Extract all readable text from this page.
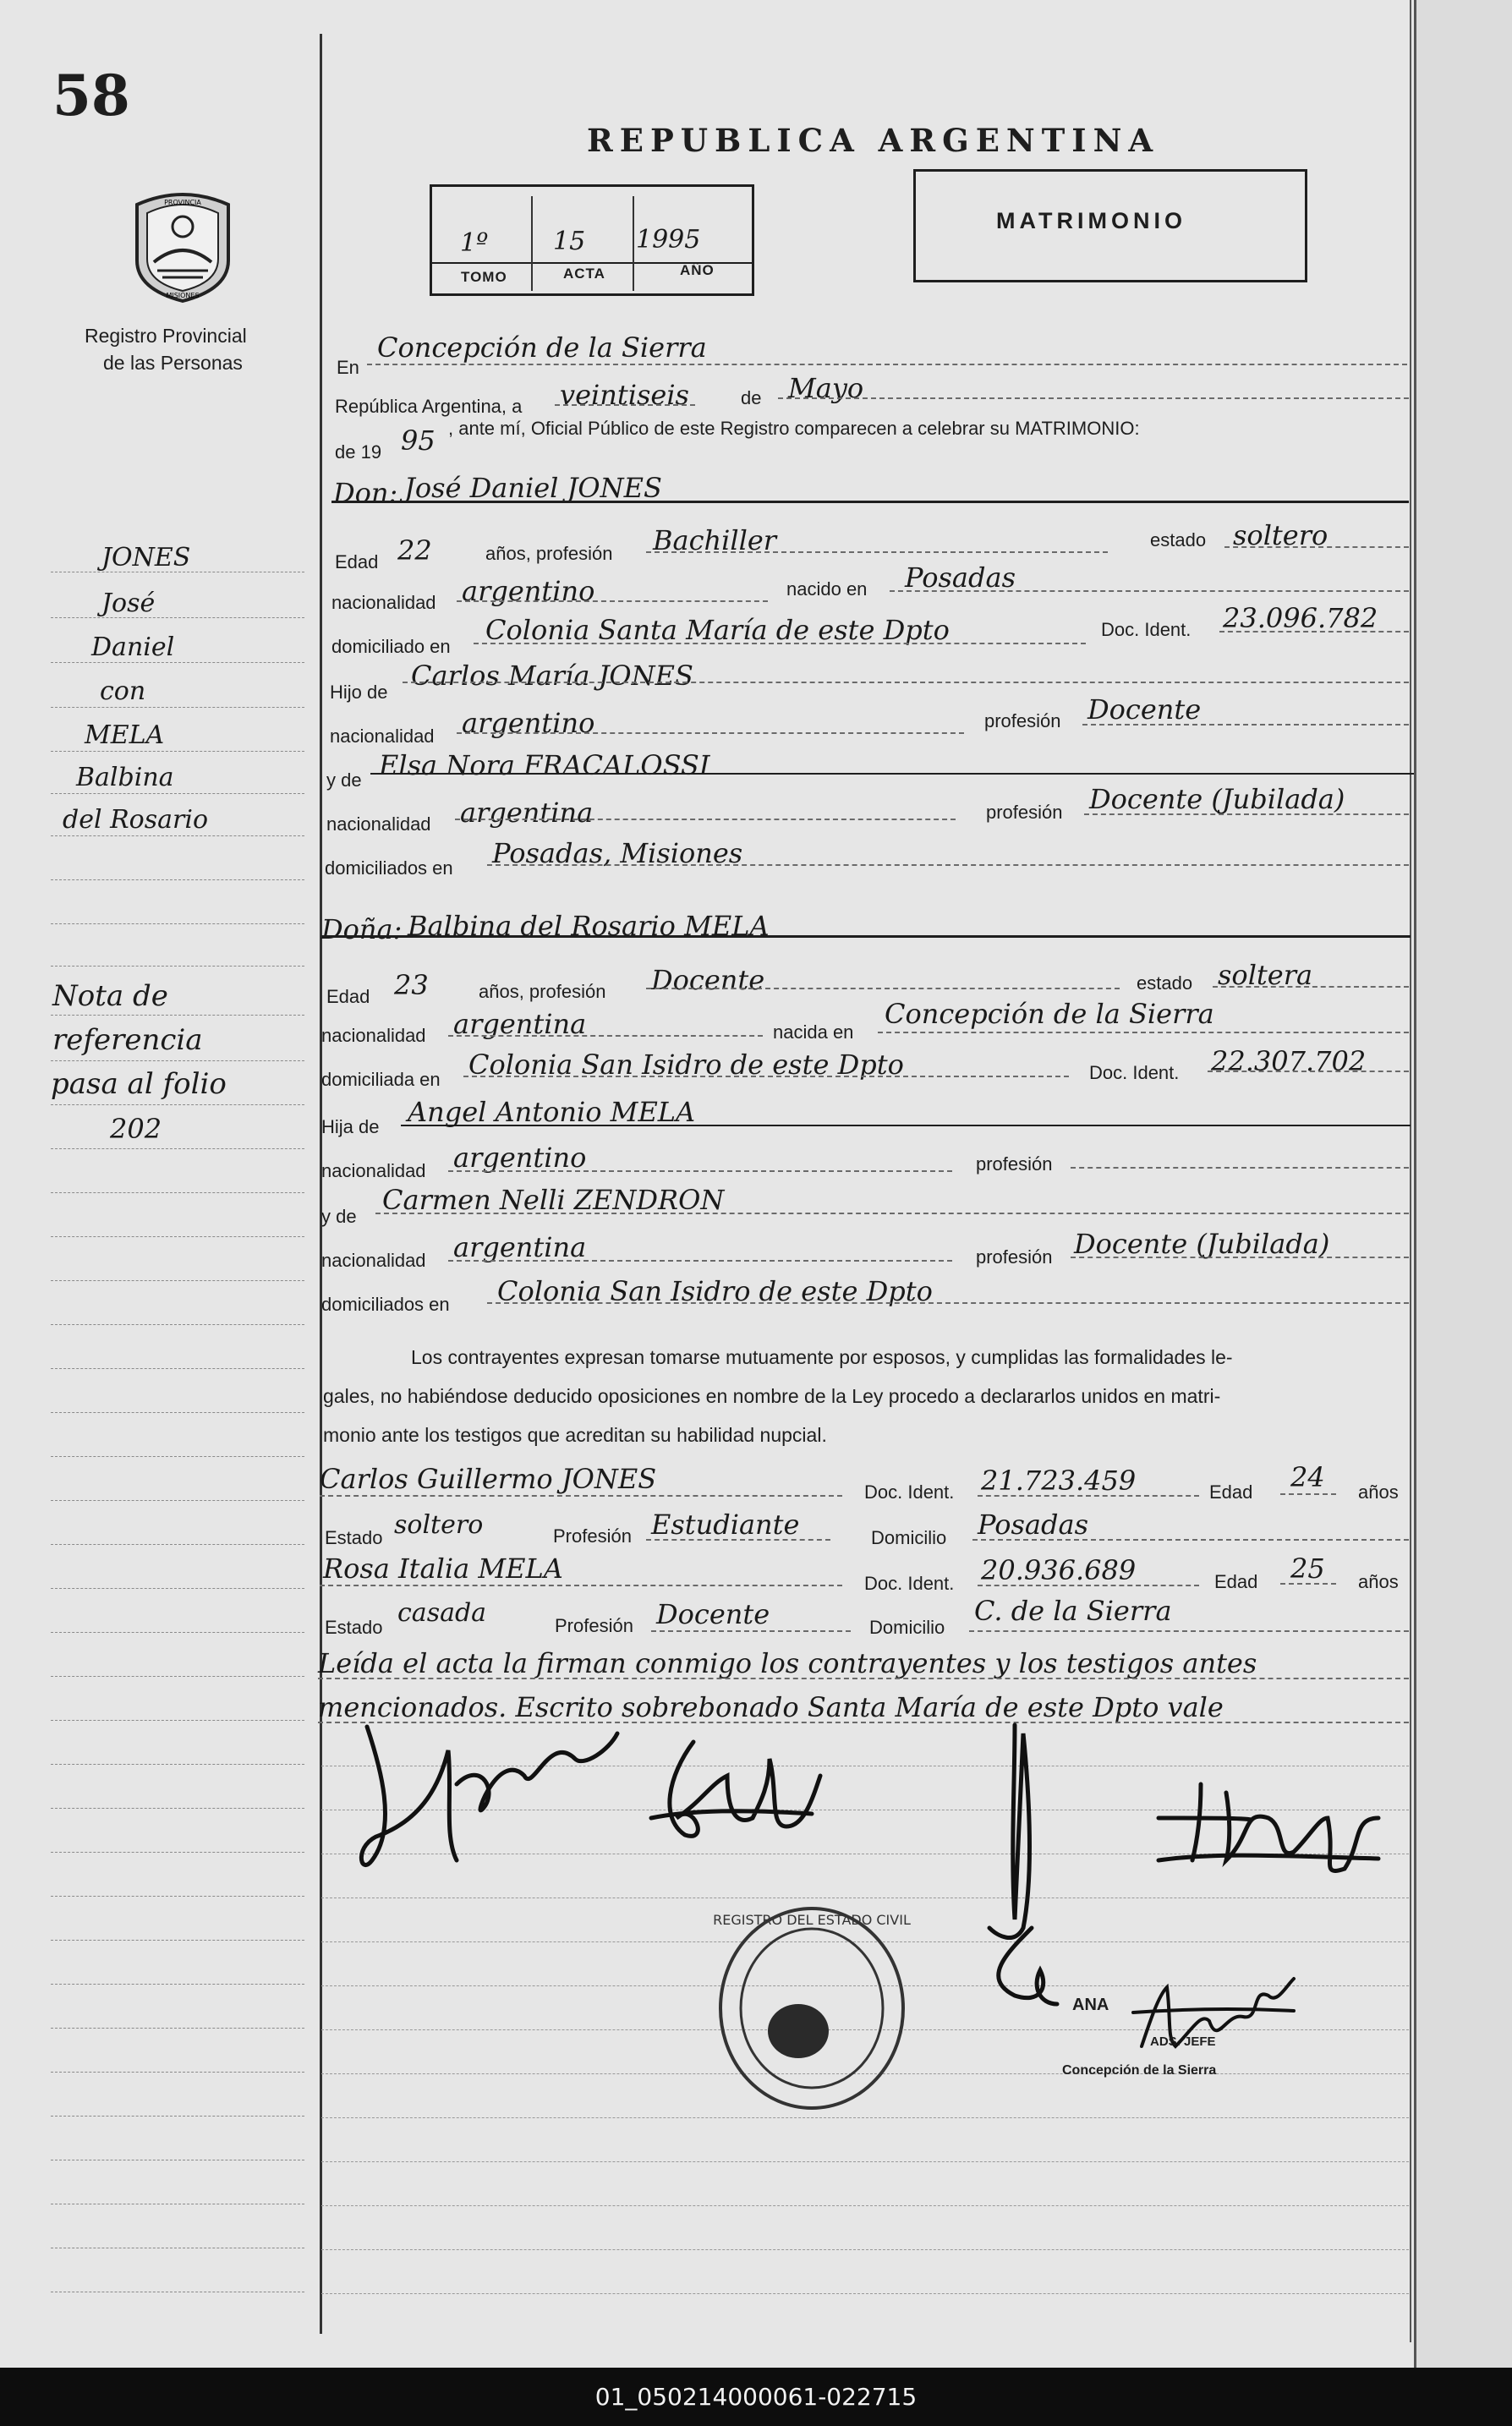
58
PROVINCIA
MISIONES
Registro Provincial
de las Personas
JONES
José
Daniel
con
MELA
Balbina
del Rosario
Nota de
referencia
pasa al folio
202
REPUBLICA ARGENTINA
1º	15 1995
TOMO	ACTA	AÑO
MATRIMONIO
En
Concepción de la Sierra
República Argentina, a veintiseis	de Mayo
de 19 95 , ante mí, Oficial Público de este Registro comparecen a celebrar su MATRIMONIO:
Don: José Daniel JONES
Edad 22	años, profesión Bachiller	estado soltero
nacionalidad argentino	nacido en Posadas
domiciliado en
Colonia Santa María de este Dpto	Doc. Ident. 23.096.782
Hijo de
Carlos María JONES
nacionalidad argentino	profesión Docente
y de Elsa Nora FRACALOSSI
nacionalidad argentina	profesión Docente (Jubilada)
domiciliados en Posadas, Misiones
Doña: Balbina del Rosario MELA
Edad 23	años, profesión Docente	estado soltera
nacionalidad argentina	nacida en
Concepción de la Sierra
domiciliada en Colonia San Isidro de este Dpto	Doc. Ident. 22.307.702
Hija de Angel Antonio MELA
nacionalidad argentino	profesión
y de
Carmen Nelli ZENDRON
nacionalidad argentina	profesión Docente (Jubilada)
domiciliados en Colonia San Isidro de este Dpto
Los contrayentes expresan tomarse mutuamente por esposos, y cumplidas las formalidades le-
gales, no habiéndose deducido oposiciones en nombre de la Ley procedo a declararlos unidos en matri-
monio ante los testigos que acreditan su habilidad nupcial.
Carlos Guillermo JONES	Doc. Ident. 21.723.459	Edad 24 años
Estado soltero	Profesión Estudiante	Domicilio Posadas
Rosa Italia MELA	Doc. Ident. 20.936.689	Edad 25 años
Estado casada	Profesión Docente	Domicilio
C. de la Sierra
Leída el acta la firman conmigo los contrayentes y los testigos antes
mencionados. Escrito sobrebonado Santa María de este Dpto vale
REGISTRO DEL ESTADO CIVIL
ANA
ADS. JEFE
Concepción de la Sierra
01_050214000061-022715
